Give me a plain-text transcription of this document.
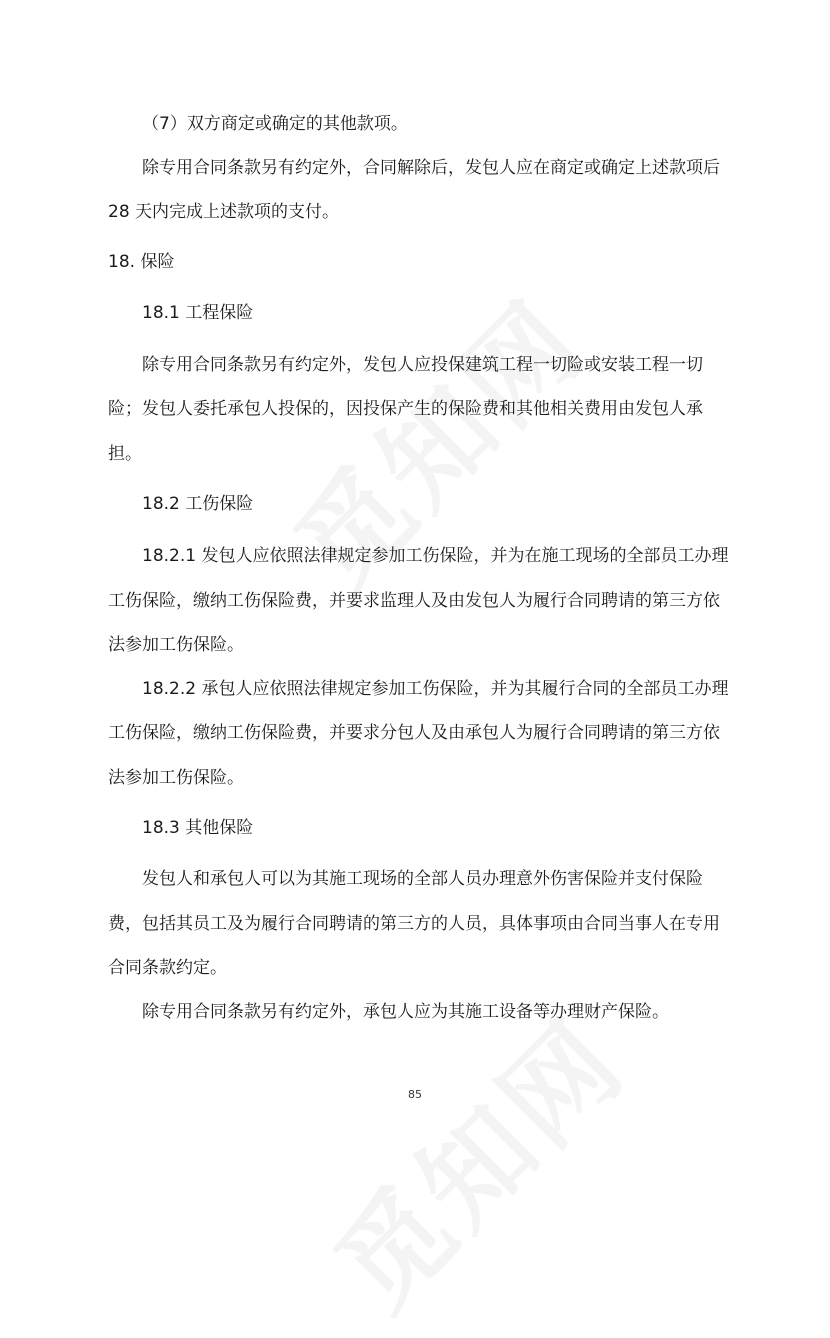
（7）双方商定或确定的其他款项。
除专用合同条款另有约定外，合同解除后，发包人应在商定或确定上述款项后
28 天内完成上述款项的支付。
18. 保险
18.1 工程保险
除专用合同条款另有约定外，发包人应投保建筑工程一切险或安装工程一切
险；发包人委托承包人投保的，因投保产生的保险费和其他相关费用由发包人承
担。
18.2 工伤保险
18.2.1 发包人应依照法律规定参加工伤保险，并为在施工现场的全部员工办理
工伤保险，缴纳工伤保险费，并要求监理人及由发包人为履行合同聘请的第三方依
法参加工伤保险。
18.2.2 承包人应依照法律规定参加工伤保险，并为其履行合同的全部员工办理
工伤保险，缴纳工伤保险费，并要求分包人及由承包人为履行合同聘请的第三方依
法参加工伤保险。
18.3 其他保险
发包人和承包人可以为其施工现场的全部人员办理意外伤害保险并支付保险
费，包括其员工及为履行合同聘请的第三方的人员，具体事项由合同当事人在专用
合同条款约定。
除专用合同条款另有约定外，承包人应为其施工设备等办理财产保险。
85
